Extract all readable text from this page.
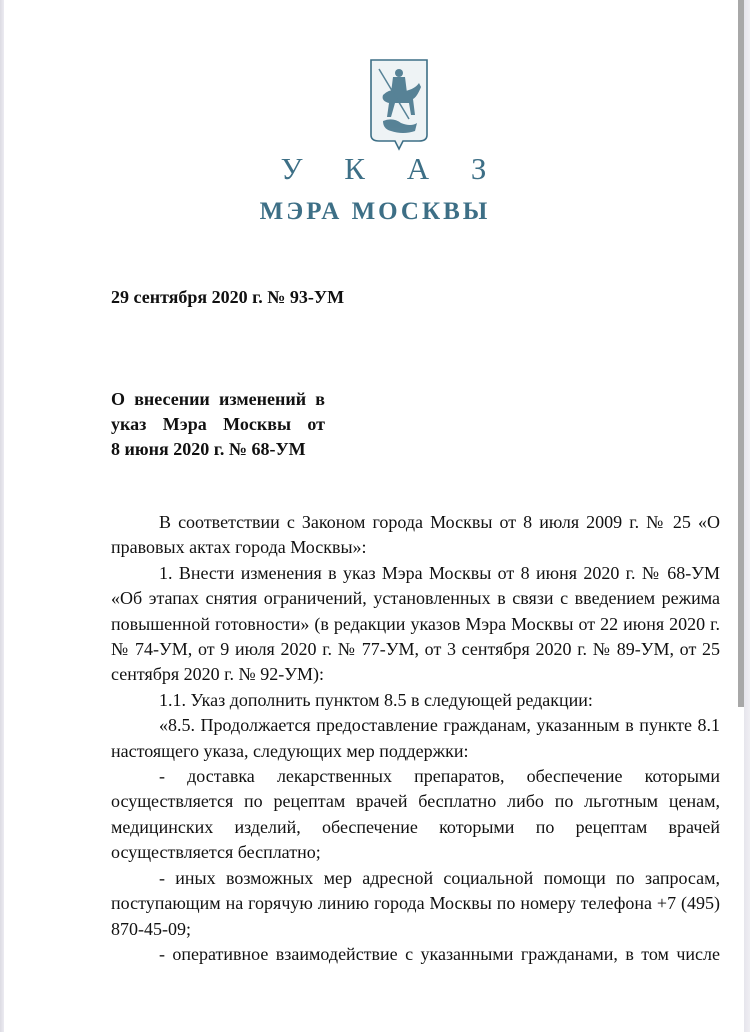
У К А З
МЭРА МОСКВЫ
29 сентября 2020 г. № 93-УМ
О внесении изменений в
указ Мэра Москвы от
8 июня 2020 г. № 68-УМ

В соответствии с Законом города Москвы от 8 июля 2009 г. № 25 «О правовых актах города Москвы»:

1. Внести изменения в указ Мэра Москвы от 8 июня 2020 г. № 68-УМ «Об этапах снятия ограничений, установленных в связи с введением режима повышенной готовности» (в редакции указов Мэра Москвы от 22 июня 2020 г. № 74-УМ, от 9 июля 2020 г. № 77-УМ, от 3 сентября 2020 г. № 89-УМ, от 25 сентября 2020 г. № 92-УМ):

1.1. Указ дополнить пунктом 8.5 в следующей редакции:

«8.5. Продолжается предоставление гражданам, указанным в пункте 8.1 настоящего указа, следующих мер поддержки:

- доставка лекарственных препаратов, обеспечение которыми осуществляется по рецептам врачей бесплатно либо по льготным ценам, медицинских изделий, обеспечение которыми по рецептам врачей осуществляется бесплатно;

- иных возможных мер адресной социальной помощи по запросам, поступающим на горячую линию города Москвы по номеру телефона +7 (495) 870-45-09;

- оперативное взаимодействие с указанными гражданами, в том числе
